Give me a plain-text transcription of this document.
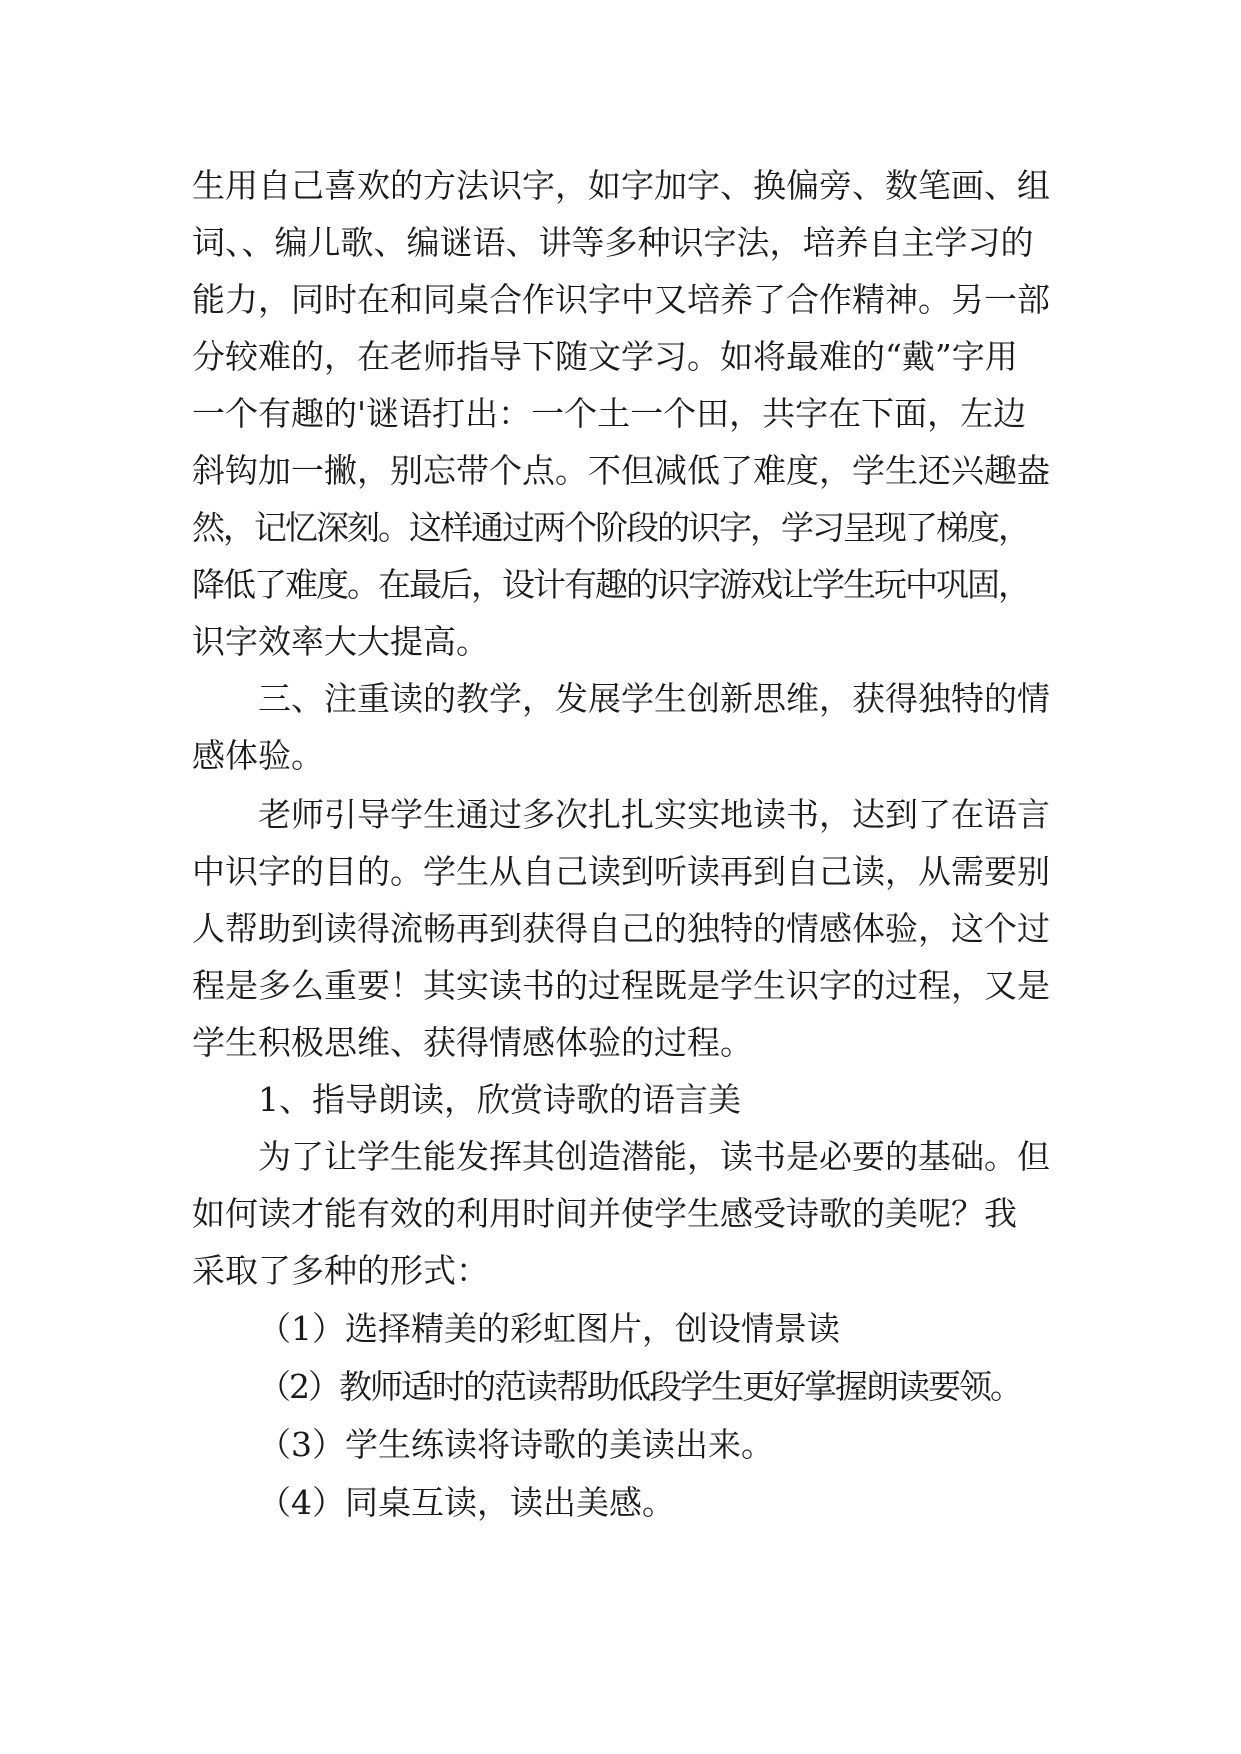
生用自己喜欢的方法识字，如字加字、换偏旁、数笔画、组
词、、编儿歌、编谜语、讲等多种识字法，培养自主学习的
能力，同时在和同桌合作识字中又培养了合作精神。另一部
分较难的，在老师指导下随文学习。如将最难的“戴”字用
一个有趣的'谜语打出：一个土一个田，共字在下面，左边
斜钩加一撇，别忘带个点。不但减低了难度，学生还兴趣盎
然，记忆深刻。这样通过两个阶段的识字，学习呈现了梯度，
降低了难度。在最后，设计有趣的识字游戏让学生玩中巩固，
识字效率大大提高。
三、注重读的教学，发展学生创新思维，获得独特的情
感体验。
老师引导学生通过多次扎扎实实地读书，达到了在语言
中识字的目的。学生从自己读到听读再到自己读，从需要别
人帮助到读得流畅再到获得自己的独特的情感体验，这个过
程是多么重要！其实读书的过程既是学生识字的过程，又是
学生积极思维、获得情感体验的过程。
1、指导朗读，欣赏诗歌的语言美
为了让学生能发挥其创造潜能，读书是必要的基础。但
如何读才能有效的利用时间并使学生感受诗歌的美呢？我
采取了多种的形式：
（1）选择精美的彩虹图片，创设情景读
（2）教师适时的范读帮助低段学生更好掌握朗读要领。
（3）学生练读将诗歌的美读出来。
（4）同桌互读，读出美感。
